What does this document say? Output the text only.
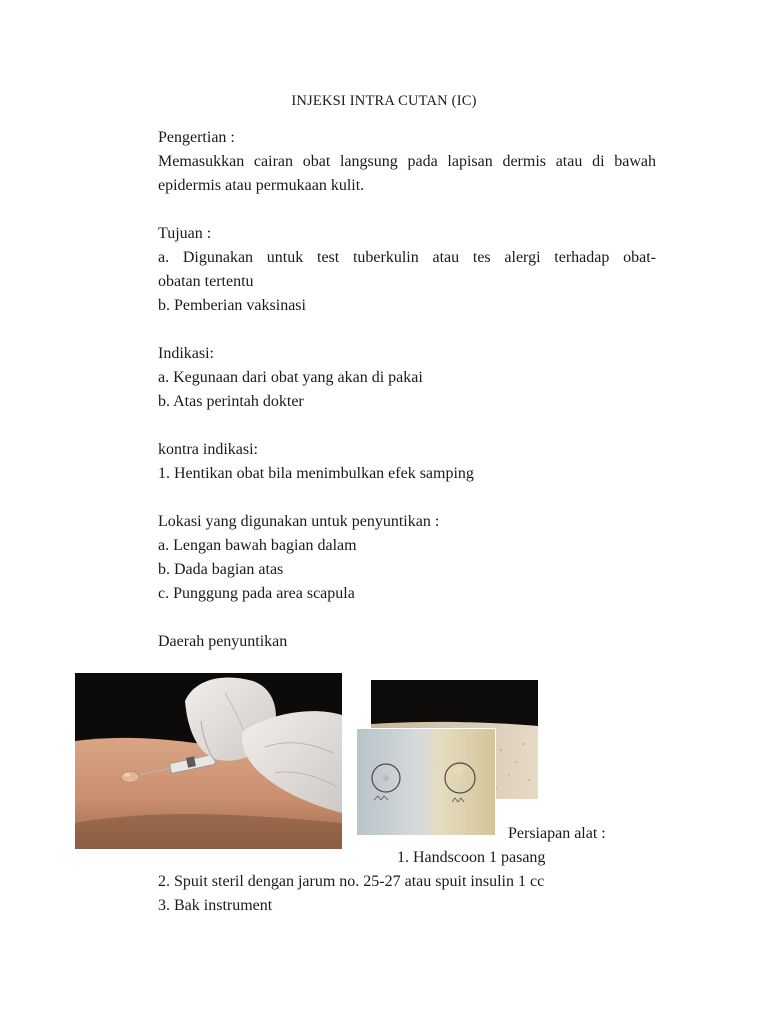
INJEKSI INTRA CUTAN (IC)
Pengertian :
Memasukkan cairan obat langsung pada lapisan dermis atau di bawah
epidermis atau permukaan kulit.
Tujuan :
a. Digunakan untuk test tuberkulin atau tes alergi terhadap obat-
obatan tertentu
b. Pemberian vaksinasi
Indikasi:
a. Kegunaan dari obat yang akan di pakai
b. Atas perintah dokter
kontra indikasi:
1. Hentikan obat bila menimbulkan efek samping
Lokasi yang digunakan untuk penyuntikan :
a. Lengan bawah bagian dalam
b. Dada bagian atas
c. Punggung pada area scapula
Daerah penyuntikan
Persiapan alat :
1. Handscoon 1 pasang
2. Spuit steril dengan jarum no. 25-27 atau spuit insulin 1 cc
3. Bak instrument
